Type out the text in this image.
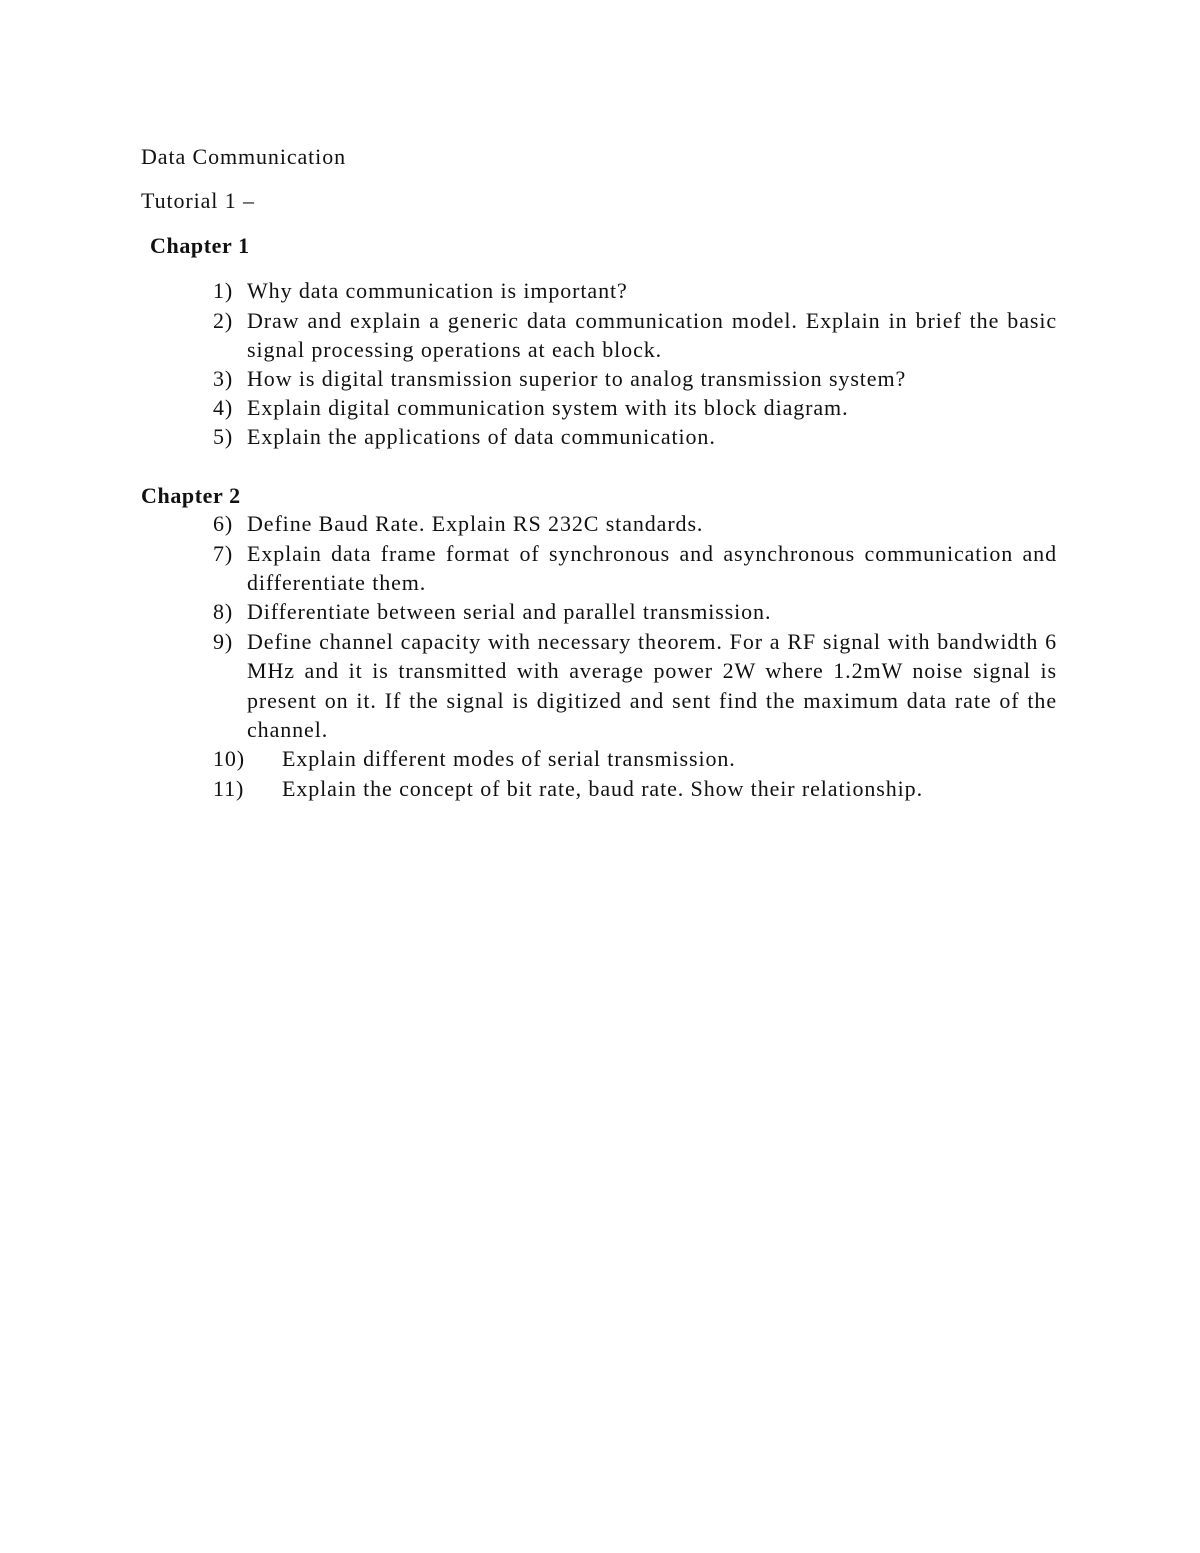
Data Communication
Tutorial 1 –
Chapter 1
1) Why data communication is important?
2) Draw and explain a generic data communication model. Explain in brief the basic signal processing operations at each block.
3) How is digital transmission superior to analog transmission system?
4) Explain digital communication system with its block diagram.
5) Explain the applications of data communication.
Chapter 2
6) Define Baud Rate. Explain RS 232C standards.
7) Explain data frame format of synchronous and asynchronous communication and differentiate them.
8) Differentiate between serial and parallel transmission.
9) Define channel capacity with necessary theorem. For a RF signal with bandwidth 6 MHz and it is transmitted with average power 2W where 1.2mW noise signal is present on it. If the signal is digitized and sent find the maximum data rate of the channel.
10) Explain different modes of serial transmission.
11) Explain the concept of bit rate, baud rate. Show their relationship.
